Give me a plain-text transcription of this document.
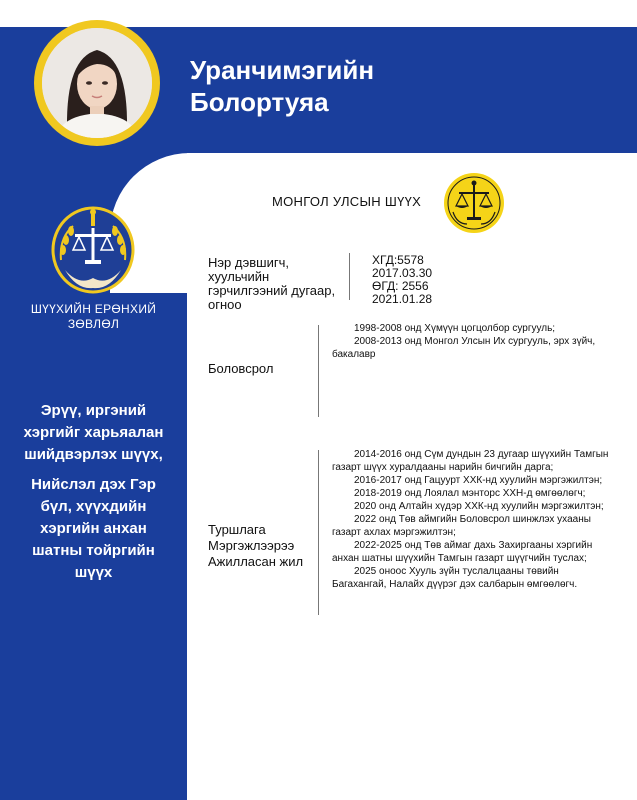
Уранчимэгийн
Болортуяа
ШҮҮХИЙН ЕРӨНХИЙ
ЗӨВЛӨЛ
Эрүү, иргэний
хэргийг харьяалан
шийдвэрлэх шүүх,
Нийслэл дэх Гэр
бүл, хүүхдийн
хэргийн анхан
шатны тойргийн
шүүх
МОНГОЛ УЛСЫН ШҮҮХ
Нэр дэвшигч,
хуульчийн
гэрчилгээний дугаар,
огноо
ХГД:5578
2017.03.30
ӨГД: 2556
2021.01.28
Боловсрол

1998-2008 онд Хүмүүн цогцолбор сургууль;

2008-2013 онд Монгол Улсын Их сургууль, эрх зүйч, бакалавр

Туршлага
Мэргэжлээрээ
Ажилласан жил

2014-2016 онд Сүм дундын 23 дугаар шүүхийн Тамгын газарт шүүх хуралдааны нарийн бичгийн дарга;

2016-2017 онд Гацуурт ХХК-нд хуулийн мэргэжилтэн;

2018-2019 онд Лоялал мэнторс ХХН-д өмгөөлөгч;

2020 онд Алтайн хүдэр ХХК-нд хуулийн мэргэжилтэн;

2022 онд Төв аймгийн Боловсрол шинжлэх ухааны газарт ахлах мэргэжилтэн;

2022-2025 онд Төв аймаг дахь Захиргааны хэргийн анхан шатны шүүхийн Тамгын газарт шүүгчийн туслах;

2025 оноос Хууль зүйн туслалцааны төвийн Багахангай, Налайх дүүрэг дэх салбарын өмгөөлөгч.
